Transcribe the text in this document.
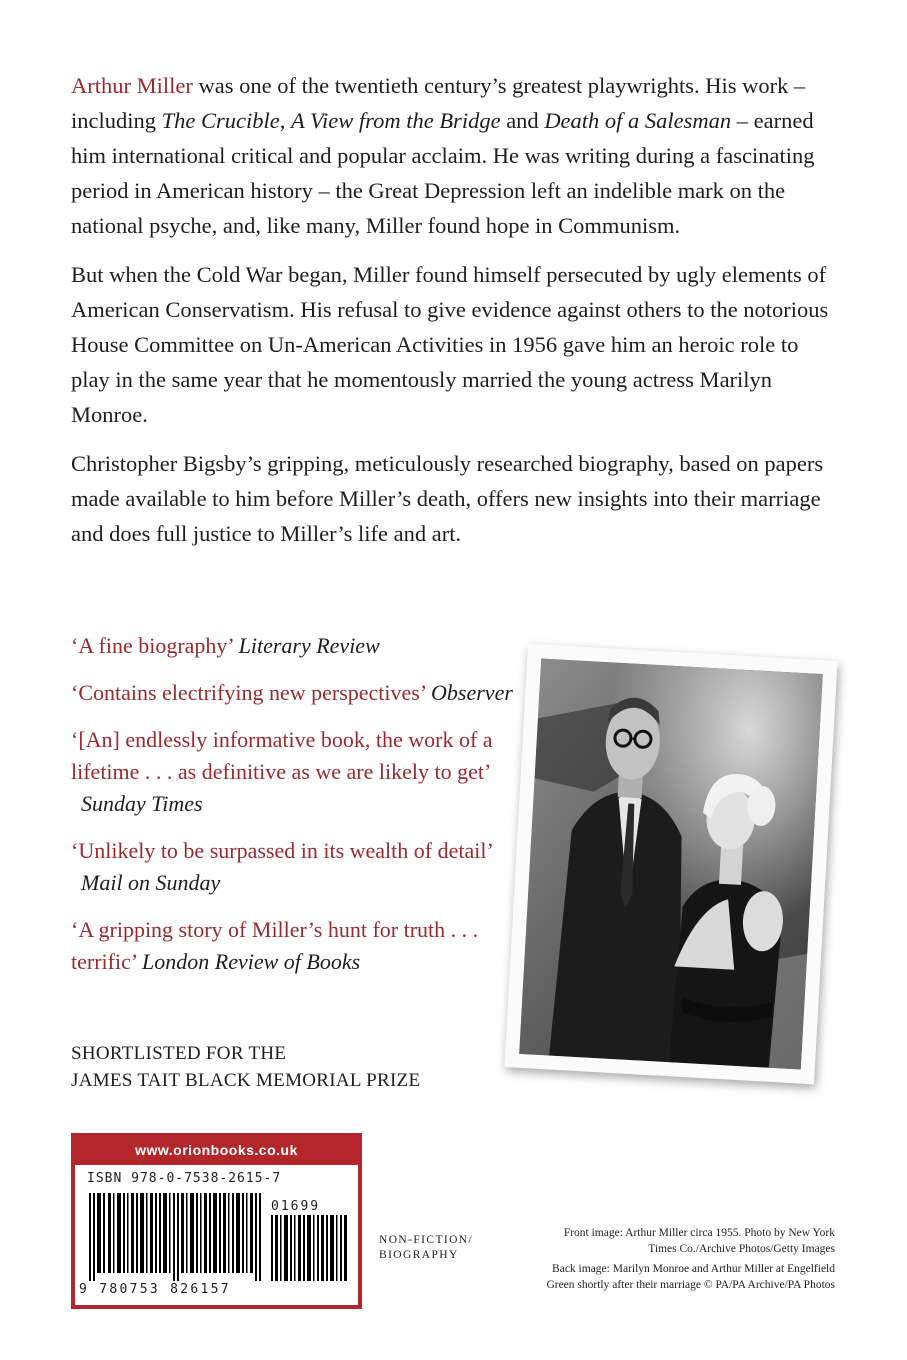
Arthur Miller was one of the twentieth century’s greatest playwrights. His work – including The Crucible, A View from the Bridge and Death of a Salesman – earned him international critical and popular acclaim. He was writing during a fascinating period in American history – the Great Depression left an indelible mark on the national psyche, and, like many, Miller found hope in Communism.

But when the Cold War began, Miller found himself persecuted by ugly elements of American Conservatism. His refusal to give evidence against others to the notorious House Committee on Un-American Activities in 1956 gave him an heroic role to play in the same year that he momentously married the young actress Marilyn Monroe.

Christopher Bigsby’s gripping, meticulously researched biography, based on papers made available to him before Miller’s death, offers new insights into their marriage and does full justice to Miller’s life and art.

‘A fine biography’ Literary Review
‘Contains electrifying new perspectives’ Observer
‘[An] endlessly informative book, the work of a lifetime . . . as definitive as we are likely to get’
Sunday Times
‘Unlikely to be surpassed in its wealth of detail’
Mail on Sunday
‘A gripping story of Miller’s hunt for truth . . . terrific’ London Review of Books
SHORTLISTED FOR THE
JAMES TAIT BLACK MEMORIAL PRIZE
www.orionbooks.co.uk
ISBN 978-0-7538-2615-7
01699
9 780753 826157
NON-FICTION/
BIOGRAPHY

Front image: Arthur Miller circa 1955. Photo by New York Times Co./Archive Photos/Getty Images

Back image: Marilyn Monroe and Arthur Miller at Engelfield Green shortly after their marriage © PA/PA Archive/PA Photos
